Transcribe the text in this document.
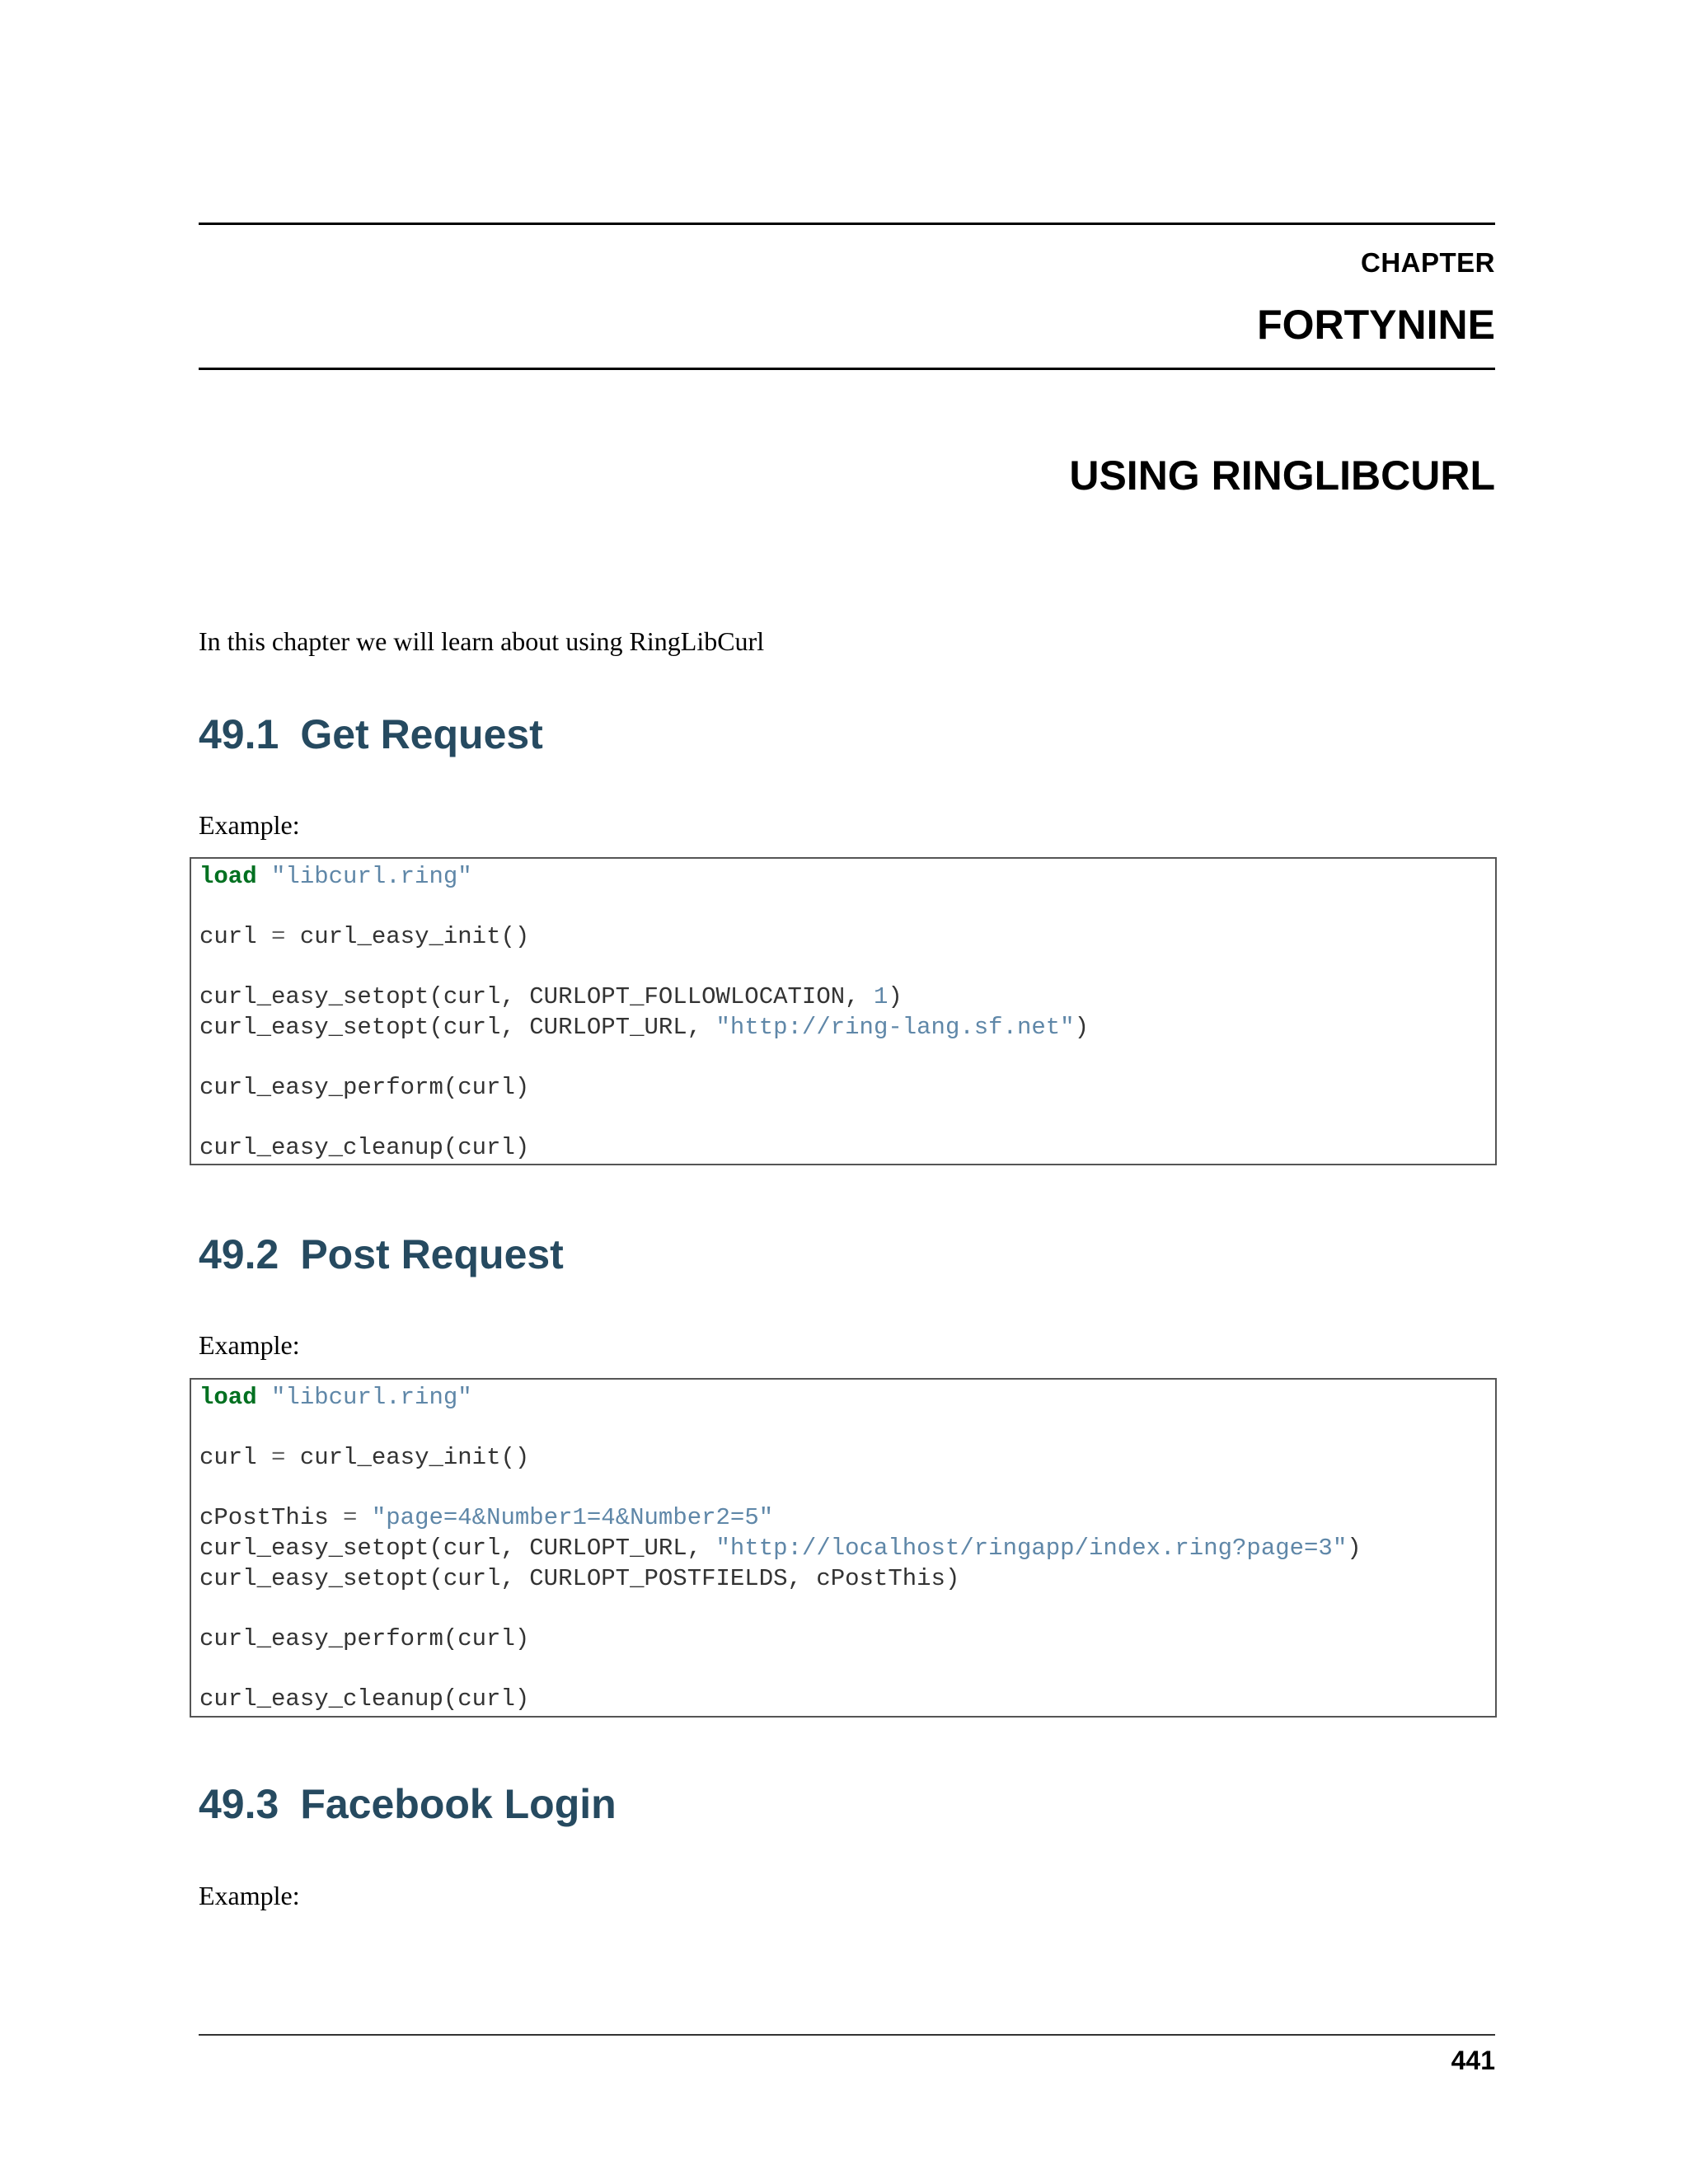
CHAPTER
FORTYNINE
USING RINGLIBCURL

In this chapter we will learn about using RingLibCurl

49.1 Get Request
Example:
load "libcurl.ring"
curl = curl_easy_init()
curl_easy_setopt(curl, CURLOPT_FOLLOWLOCATION, 1)
curl_easy_setopt(curl, CURLOPT_URL, "http://ring-lang.sf.net")
curl_easy_perform(curl)
curl_easy_cleanup(curl)
49.2 Post Request
Example:
load "libcurl.ring"
curl = curl_easy_init()
cPostThis = "page=4&Number1=4&Number2=5"
curl_easy_setopt(curl, CURLOPT_URL, "http://localhost/ringapp/index.ring?page=3")
curl_easy_setopt(curl, CURLOPT_POSTFIELDS, cPostThis)
curl_easy_perform(curl)
curl_easy_cleanup(curl)
49.3 Facebook Login
Example:
441
